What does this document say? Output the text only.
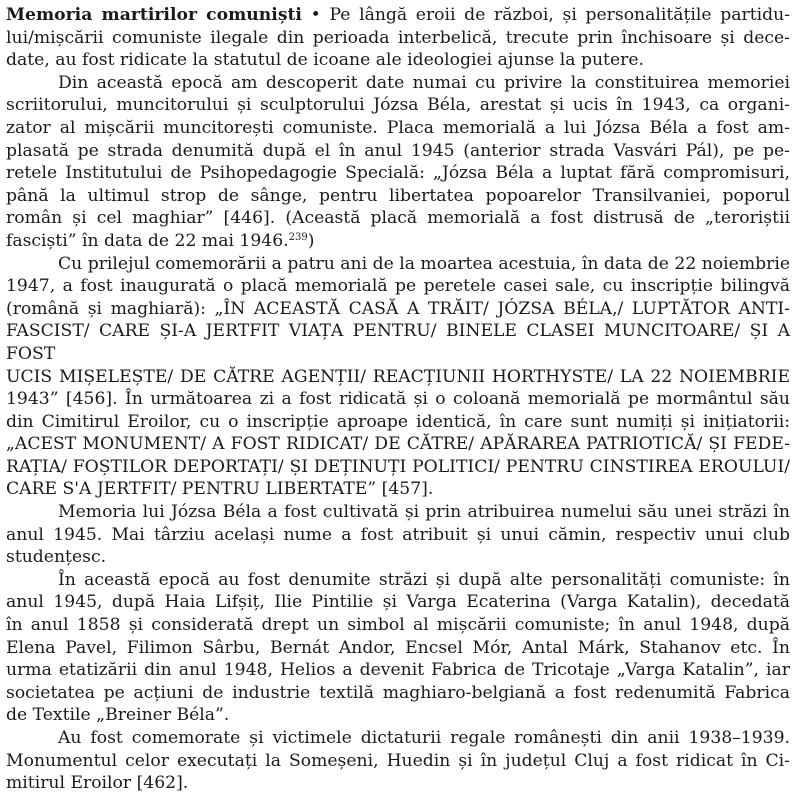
Memoria martirilor comuniști • Pe lângă eroii de război, și personalitățile partidu-
lui/mișcării comuniste ilegale din perioada interbelică, trecute prin închisoare și dece-
date, au fost ridicate la statutul de icoane ale ideologiei ajunse la putere.

Din această epocă am descoperit date numai cu privire la constituirea memoriei
scriitorului, muncitorului și sculptorului Józsa Béla, arestat și ucis în 1943, ca organi-
zator al mișcării muncitorești comuniste. Placa memorială a lui Józsa Béla a fost am-
plasată pe strada denumită după el în anul 1945 (anterior strada Vasvári Pál), pe pe-
retele Institutului de Psihopedagogie Specială: „Józsa Béla a luptat fără compromisuri,
până la ultimul strop de sânge, pentru libertatea popoarelor Transilvaniei, poporul
român și cel maghiar” [446]. (Această placă memorială a fost distrusă de „teroriștii
fasciști” în data de 22 mai 1946.$^{239}$)

Cu prilejul comemorării a patru ani de la moartea acestuia, în data de 22 noiembrie
1947, a fost inaugurată o placă memorială pe peretele casei sale, cu inscripție bilingvă
(română și maghiară): „ÎN ACEASTĂ CASĂ A TRĂIT/ JÓZSA BÉLA,/ LUPTĂTOR ANTI-
FASCIST/ CARE ȘI-A JERTFIT VIAȚA PENTRU/ BINELE CLASEI MUNCITOARE/ ȘI A FOST
UCIS MIȘELEȘTE/ DE CĂTRE AGENȚII/ REACȚIUNII HORTHYSTE/ LA 22 NOIEMBRIE
1943” [456]. În următoarea zi a fost ridicată și o coloană memorială pe mormântul său
din Cimitirul Eroilor, cu o inscripție aproape identică, în care sunt numiți și inițiatorii:
„ACEST MONUMENT/ A FOST RIDICAT/ DE CĂTRE/ APĂRAREA PATRIOTICĂ/ ȘI FEDE-
RAȚIA/ FOȘTILOR DEPORTAȚI/ ȘI DEȚINUȚI POLITICI/ PENTRU CINSTIREA EROULUI/
CARE S'A JERTFIT/ PENTRU LIBERTATE” [457].

Memoria lui Józsa Béla a fost cultivată și prin atribuirea numelui său unei străzi în
anul 1945. Mai târziu același nume a fost atribuit și unui cămin, respectiv unui club
studențesc.

În această epocă au fost denumite străzi și după alte personalități comuniste: în
anul 1945, după Haia Lifșiț, Ilie Pintilie și Varga Ecaterina (Varga Katalin), decedată
în anul 1858 și considerată drept un simbol al mișcării comuniste; în anul 1948, după
Elena Pavel, Filimon Sârbu, Bernát Andor, Encsel Mór, Antal Márk, Stahanov etc. În
urma etatizării din anul 1948, Helios a devenit Fabrica de Tricotaje „Varga Katalin”, iar
societatea pe acțiuni de industrie textilă maghiaro-belgiană a fost redenumită Fabrica
de Textile „Breiner Béla”.

Au fost comemorate și victimele dictaturii regale românești din anii 1938–1939.
Monumentul celor executați la Someșeni, Huedin și în județul Cluj a fost ridicat în Ci-
mitirul Eroilor [462].
